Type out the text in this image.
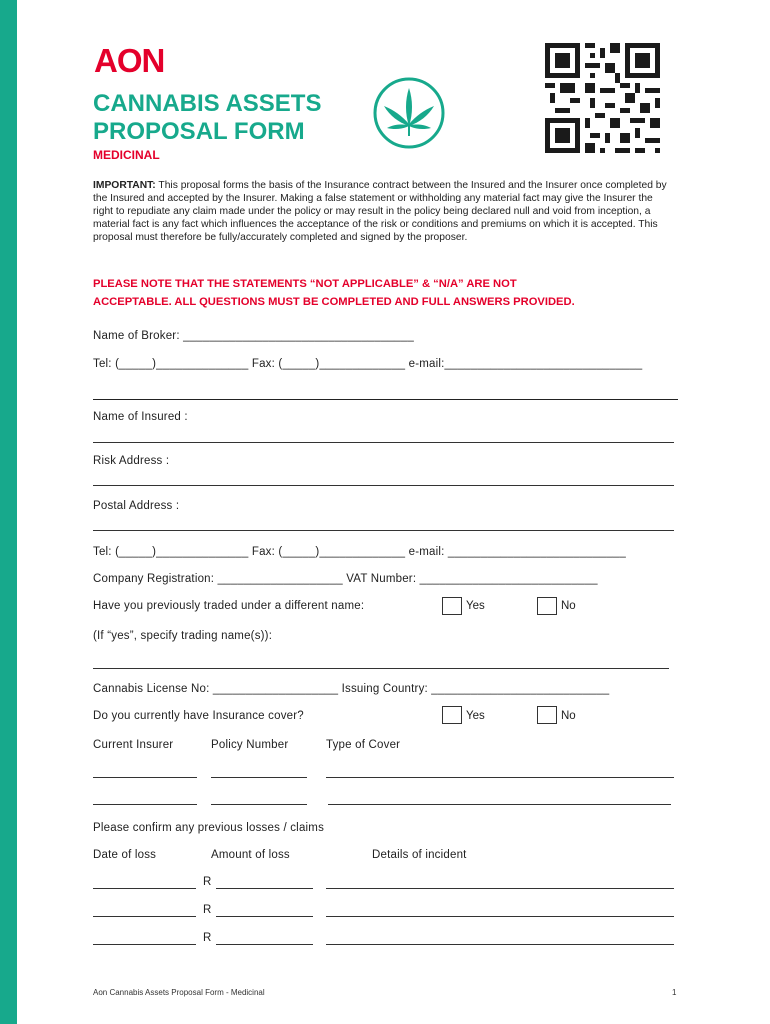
AON
CANNABIS ASSETS
PROPOSAL FORM
MEDICINAL
IMPORTANT: This proposal forms the basis of the Insurance contract between the Insured and the Insurer once completed by the Insured and accepted by the Insurer. Making a false statement or withholding any material fact may give the Insurer the right to repudiate any claim made under the policy or may result in the policy being declared null and void from inception, a material fact is any fact which influences the acceptance of the risk or conditions and premiums on which it is accepted. This proposal must therefore be fully/accurately completed and signed by the proposer.
PLEASE NOTE THAT THE STATEMENTS “NOT APPLICABLE” & “N/A” ARE NOT
ACCEPTABLE. ALL QUESTIONS MUST BE COMPLETED AND FULL ANSWERS PROVIDED.
Name of Broker: ___________________________________
Tel: (_____)______________ Fax: (_____)_____________ e-mail:______________________________
Name of Insured :
Risk Address :
Postal Address :
Tel: (_____)______________ Fax: (_____)_____________ e-mail: ___________________________
Company Registration: ___________________ VAT Number: ___________________________
Have you previously traded under a different name:	Yes	No
(If “yes”, specify trading name(s)):
Cannabis License No: ___________________ Issuing Country: ___________________________
Do you currently have Insurance cover?	Yes	No
Current Insurer	Policy Number	Type of Cover
Please confirm any previous losses / claims
Date of loss	Amount of loss	Details of incident
R
R
R
Aon Cannabis Assets Proposal Form - Medicinal	1
